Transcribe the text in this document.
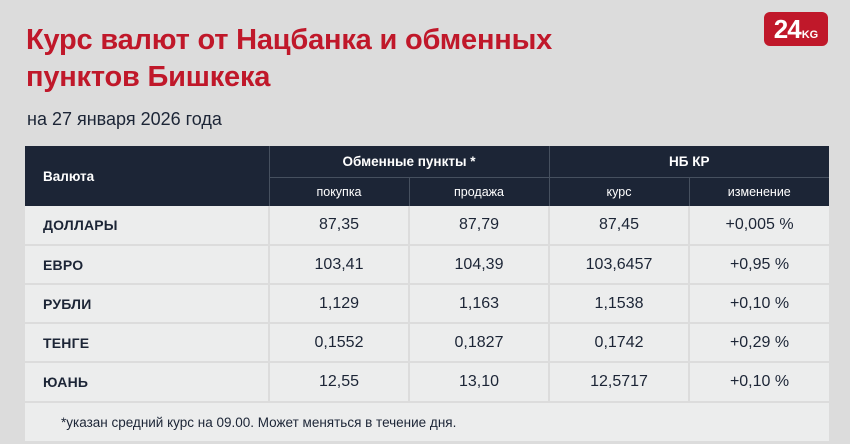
24 KG
Курс валют от Нацбанка и обменных пунктов Бишкека
на 27 января 2026 года
Валюта	Обменные пункты *		НБ КР	
	покупка	продажа	курс	изменение
ДОЛЛАРЫ	87,35	87,79	87,45	+0,005 %
ЕВРО	103,41	104,39	103,6457	+0,95 %
РУБЛИ	1,129	1,163	1,1538	+0,10 %
ТЕНГЕ	0,1552	0,1827	0,1742	+0,29 %
ЮАНЬ	12,55	13,10	12,5717	+0,10 %
*указан средний курс на 09.00. Может меняться в течение дня.
